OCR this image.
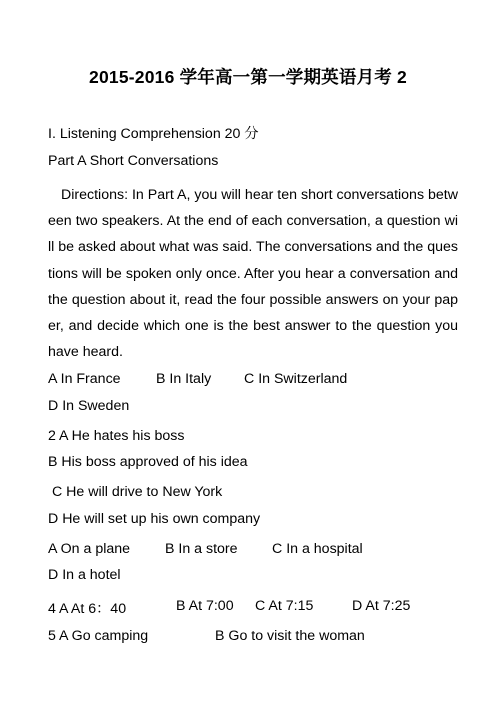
2015-2016 学年高一第一学期英语月考 2
I. Listening Comprehension 20 分
Part A Short Conversations
Directions: In Part A, you will hear ten short conversations between two speakers. At the end of each conversation, a question will be asked about what was said. The conversations and the questions will be spoken only once. After you hear a conversation and the question about it, read the four possible answers on your paper, and decide which one is the best answer to the question you have heard.
A In France B In Italy C In Switzerland
D In Sweden
2 A He hates his boss
B His boss approved of his idea
C He will drive to New York
D He will set up his own company
A On a plane B In a store C In a hospital
D In a hotel
4 A At 6：40	B At 7:00 C At 7:15	D At 7:25
5 A Go camping	B Go to visit the woman
